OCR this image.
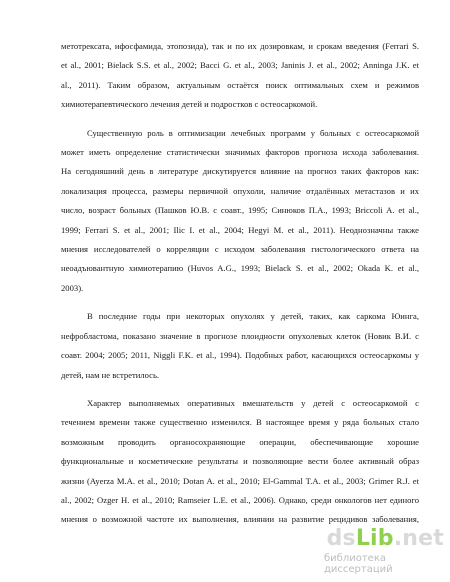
метотрексата, ифосфамида, этопозида), так и по их дозировкам, и срокам введения (Ferrari S.
et al., 2001; Bielack S.S. et al., 2002; Bacci G. et al., 2003; Janinis J. et al., 2002; Anninga J.K. et
al., 2011). Таким образом, актуальным остаётся поиск оптимальных схем и режимов
химиотерапевтического лечения детей и подростков с остеосаркомой.
Существенную роль в оптимизации лечебных программ у больных с остеосаркомой
может иметь определение статистически значимых факторов прогноза исхода заболевания.
На сегодняшний день в литературе дискутируется влияние на прогноз таких факторов как:
локализация процесса, размеры первичной опухоли, наличие отдалённых метастазов и их
число, возраст больных (Пашков Ю.В. с соавт., 1995; Синюков П.А., 1993; Briccoli A. et al.,
1999; Ferrari S. et al., 2001; Ilic I. et al., 2004; Hegyi M. et al., 2011). Неоднозначны также
мнения исследователей о корреляции с исходом заболевания гистологического ответа на
неоадъювантную химиотерапию (Huvos A.G., 1993; Bielack S. et al., 2002; Okada K. et al.,
2003).
В последние годы при некоторых опухолях у детей, таких, как саркома Юинга,
нефробластома, показано значение в прогнозе плоидности опухолевых клеток (Новик В.И. с
соавт. 2004; 2005; 2011, Niggli F.K. et al., 1994). Подобных работ, касающихся остеосаркомы у
детей, нам не встретилось.
Характер выполняемых оперативных вмешательств у детей с остеосаркомой с
течением времени также существенно изменился. В настоящее время у ряда больных стало
возможным проводить органосохраняющие операции, обеспечивающие хорошие
функциональные и косметические результаты и позволяющие вести более активный образ
жизни (Ayerza M.A. et al., 2010; Dotan A. et al., 2010; El-Gammal T.A. et al., 2003; Grimer R.J. et
al., 2002; Ozger H. et al., 2010; Ramseier L.E. et al., 2006). Однако, среди онкологов нет единого
мнения о возможной частоте их выполнения, влиянии на развитие рецидивов заболевания,
dsLib.net
библиотека диссертаций
